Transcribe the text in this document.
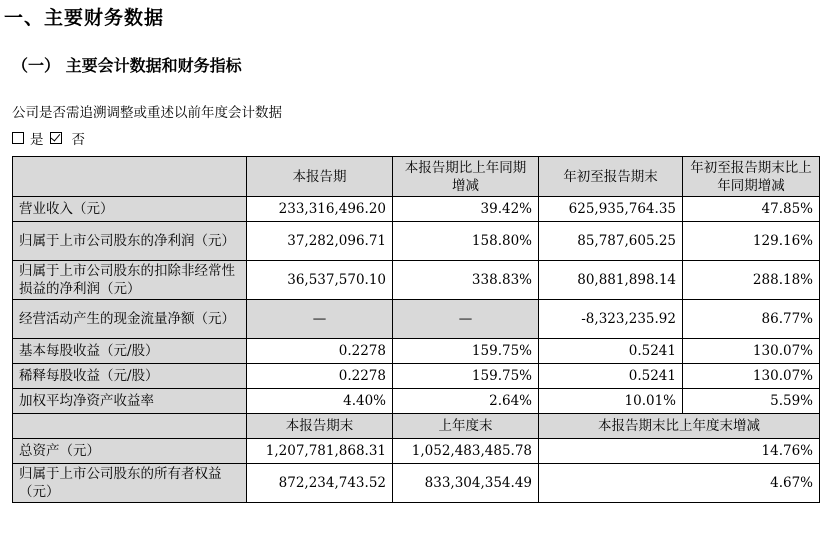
一、主要财务数据
（一） 主要会计数据和财务指标
公司是否需追溯调整或重述以前年度会计数据
是 否
	本报告期	本报告期比上年同期增减	年初至报告期末	年初至报告期末比上年同期增减
营业收入（元）	233,316,496.20	39.42%	625,935,764.35	47.85%
归属于上市公司股东的净利润（元）	37,282,096.71	158.80%	85,787,605.25	129.16%
归属于上市公司股东的扣除非经常性损益的净利润（元）	36,537,570.10	338.83%	80,881,898.14	288.18%
经营活动产生的现金流量净额（元）	—	—	-8,323,235.92	86.77%
基本每股收益（元/股）	0.2278	159.75%	0.5241	130.07%
稀释每股收益（元/股）	0.2278	159.75%	0.5241	130.07%
加权平均净资产收益率	4.40%	2.64%	10.01%	5.59%
	本报告期末	上年度末	本报告期末比上年度末增减	
总资产（元）	1,207,781,868.31	1,052,483,485.78	14.76%	
归属于上市公司股东的所有者权益（元）	872,234,743.52	833,304,354.49	4.67%	
